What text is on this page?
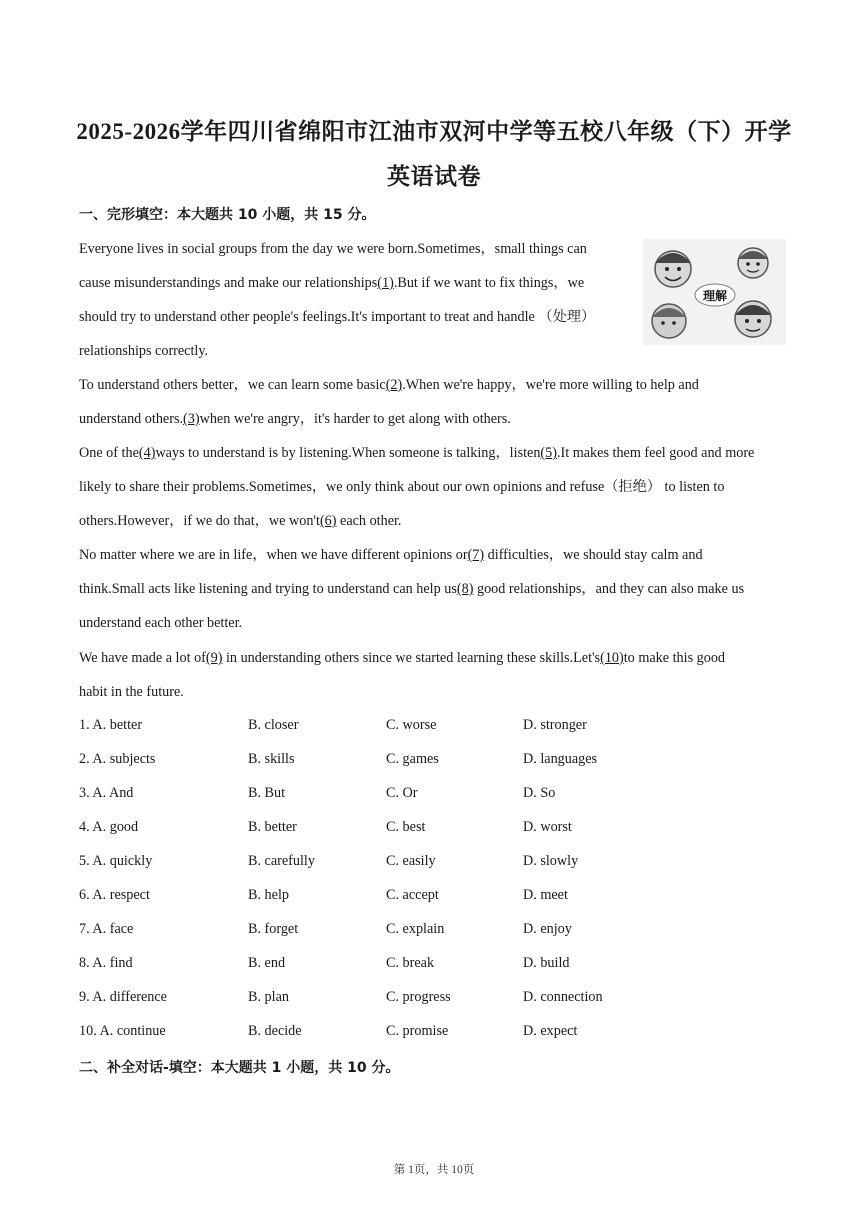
2025-2026学年四川省绵阳市江油市双河中学等五校八年级（下）开学
英语试卷
一、完形填空：本大题共 10 小题，共 15 分。
理解
Everyone lives in social groups from the day we were born.Sometimes，small things can
cause misunderstandings and make our relationships(1).But if we want to fix things，we
should try to understand other people's feelings.It's important to treat and handle （处理）
relationships correctly.
To understand others better，we can learn some basic(2).When we're happy，we're more willing to help and
understand others.(3)when we're angry，it's harder to get along with others.
One of the(4)ways to understand is by listening.When someone is talking，listen(5).It makes them feel good and more
likely to share their problems.Sometimes，we only think about our own opinions and refuse（拒绝） to listen to
others.However，if we do that，we won't(6) each other.
No matter where we are in life，when we have different opinions or(7) difficulties，we should stay calm and
think.Small acts like listening and trying to understand can help us(8) good relationships，and they can also make us
understand each other better.
We have made a lot of(9) in understanding others since we started learning these skills.Let's(10)to make this good
habit in the future.
1. A. better	B. closer	C. worse	D. stronger
2. A. subjects	B. skills	C. games	D. languages
3. A. And	B. But	C. Or	D. So
4. A. good	B. better	C. best	D. worst
5. A. quickly	B. carefully	C. easily	D. slowly
6. A. respect	B. help	C. accept	D. meet
7. A. face	B. forget	C. explain	D. enjoy
8. A. find	B. end	C. break	D. build
9. A. difference	B. plan	C. progress	D. connection
10. A. continue	B. decide	C. promise	D. expect
二、补全对话-填空：本大题共 1 小题，共 10 分。
第 1页，共 10页
